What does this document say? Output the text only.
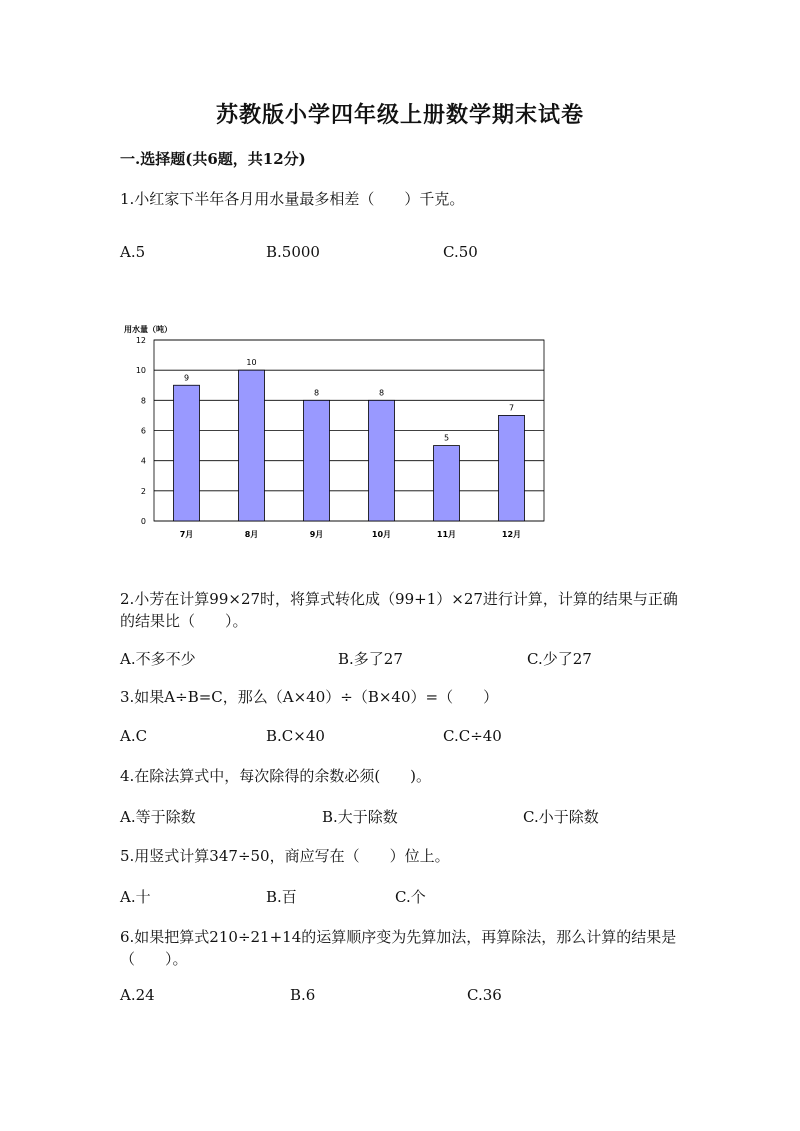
苏教版小学四年级上册数学期末试卷
一.选择题(共6题，共12分)
1.小红家下半年各月用水量最多相差（　　）千克。
A.5	B.5000	C.50
用水量（吨）
0
2
4
6
8
10
12
9
7月
10
8月
8
9月
8
10月
5
11月
7
12月
2.小芳在计算99×27时，将算式转化成（99+1）×27进行计算，计算的结果与正确的结果比（　　）。
A.不多不少	B.多了27	C.少了27
3.如果A÷B=C，那么（A×40）÷（B×40）=（　　）
A.C	B.C×40	C.C÷40
4.在除法算式中，每次除得的余数必须(　　)。
A.等于除数	B.大于除数	C.小于除数
5.用竖式计算347÷50，商应写在（　　）位上。
A.十	B.百	C.个
6.如果把算式210÷21+14的运算顺序变为先算加法，再算除法，那么计算的结果是（　　）。
A.24	B.6	C.36
